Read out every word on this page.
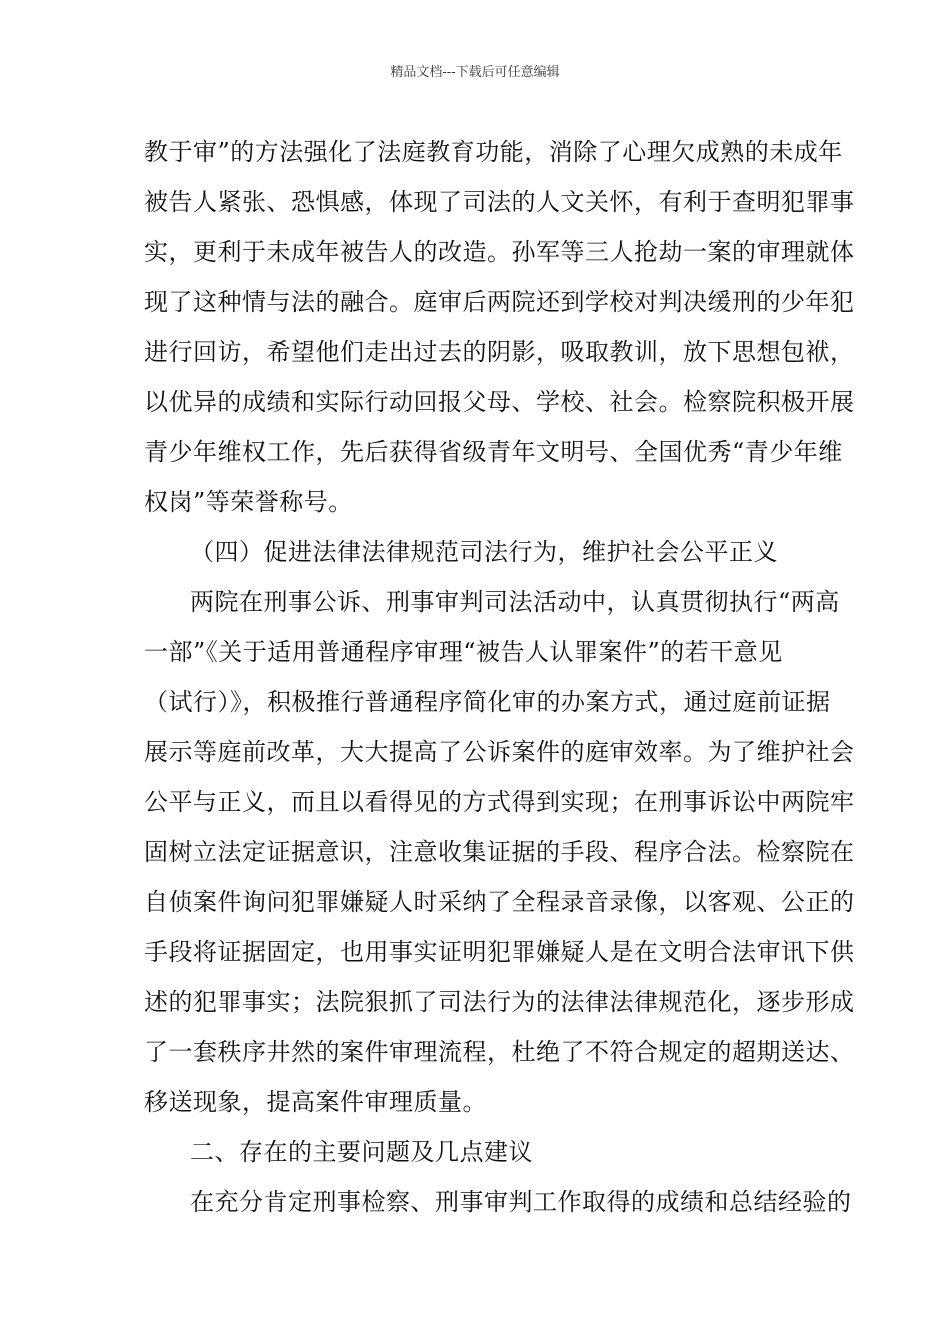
精品文档---下载后可任意编辑
教于审”的方法强化了法庭教育功能，消除了心理欠成熟的未成年
被告人紧张、恐惧感，体现了司法的人文关怀，有利于查明犯罪事
实，更利于未成年被告人的改造。孙军等三人抢劫一案的审理就体
现了这种情与法的融合。庭审后两院还到学校对判决缓刑的少年犯
进行回访，希望他们走出过去的阴影，吸取教训，放下思想包袱，
以优异的成绩和实际行动回报父母、学校、社会。检察院积极开展
青少年维权工作，先后获得省级青年文明号、全国优秀“青少年维
权岗”等荣誉称号。
（四）促进法律法律规范司法行为，维护社会公平正义
两院在刑事公诉、刑事审判司法活动中，认真贯彻执行“两高
一部”《关于适用普通程序审理“被告人认罪案件”的若干意见
（试行）》，积极推行普通程序简化审的办案方式，通过庭前证据
展示等庭前改革，大大提高了公诉案件的庭审效率。为了维护社会
公平与正义，而且以看得见的方式得到实现；在刑事诉讼中两院牢
固树立法定证据意识，注意收集证据的手段、程序合法。检察院在
自侦案件询问犯罪嫌疑人时采纳了全程录音录像，以客观、公正的
手段将证据固定，也用事实证明犯罪嫌疑人是在文明合法审讯下供
述的犯罪事实；法院狠抓了司法行为的法律法律规范化，逐步形成
了一套秩序井然的案件审理流程，杜绝了不符合规定的超期送达、
移送现象，提高案件审理质量。
二、存在的主要问题及几点建议
在充分肯定刑事检察、刑事审判工作取得的成绩和总结经验的
